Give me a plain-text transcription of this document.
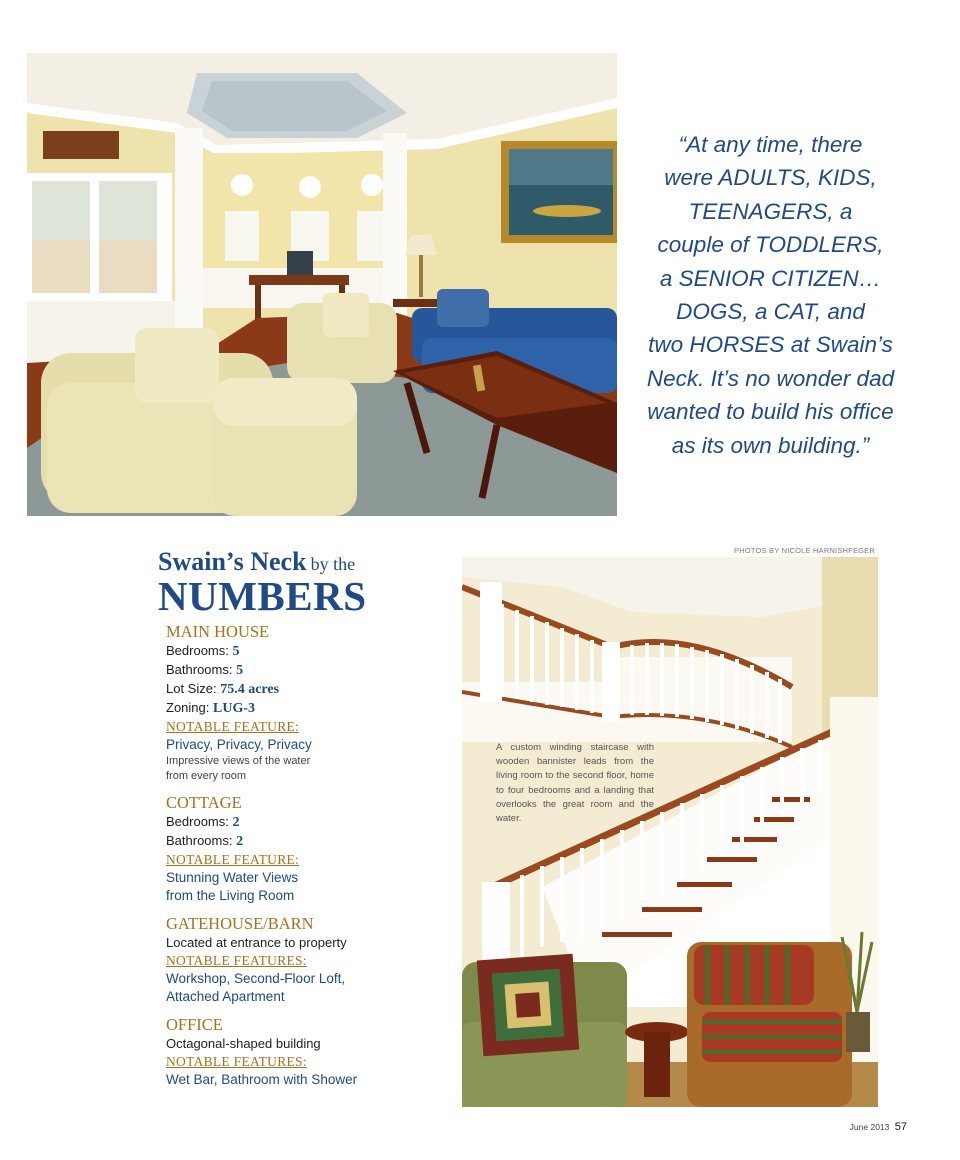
“At any time, there
were ADULTS, KIDS,
TEENAGERS, a
couple of TODDLERS,
a SENIOR CITIZEN…
DOGS, a CAT, and
two HORSES at Swain’s
Neck. It’s no wonder dad
wanted to build his office
as its own building.”
PHOTOS BY NICOLE HARNISHFEGER
Swain’s Neck by the
NUMBERS
MAIN HOUSE
Bedrooms: 5
Bathrooms: 5
Lot Size: 75.4 acres
Zoning: LUG-3
NOTABLE FEATURE:
Privacy, Privacy, Privacy
Impressive views of the water
from every room
COTTAGE
Bedrooms: 2
Bathrooms: 2
NOTABLE FEATURE:
Stunning Water Views
from the Living Room
GATEHOUSE/BARN
Located at entrance to property
NOTABLE FEATURES:
Workshop, Second-Floor Loft,
Attached Apartment
OFFICE
Octagonal-shaped building
NOTABLE FEATURES:
Wet Bar, Bathroom with Shower
A custom winding staircase with wooden bannister leads from the living room to the second floor, home to four bedrooms and a landing that overlooks the great room and the water.
June 2013 57
